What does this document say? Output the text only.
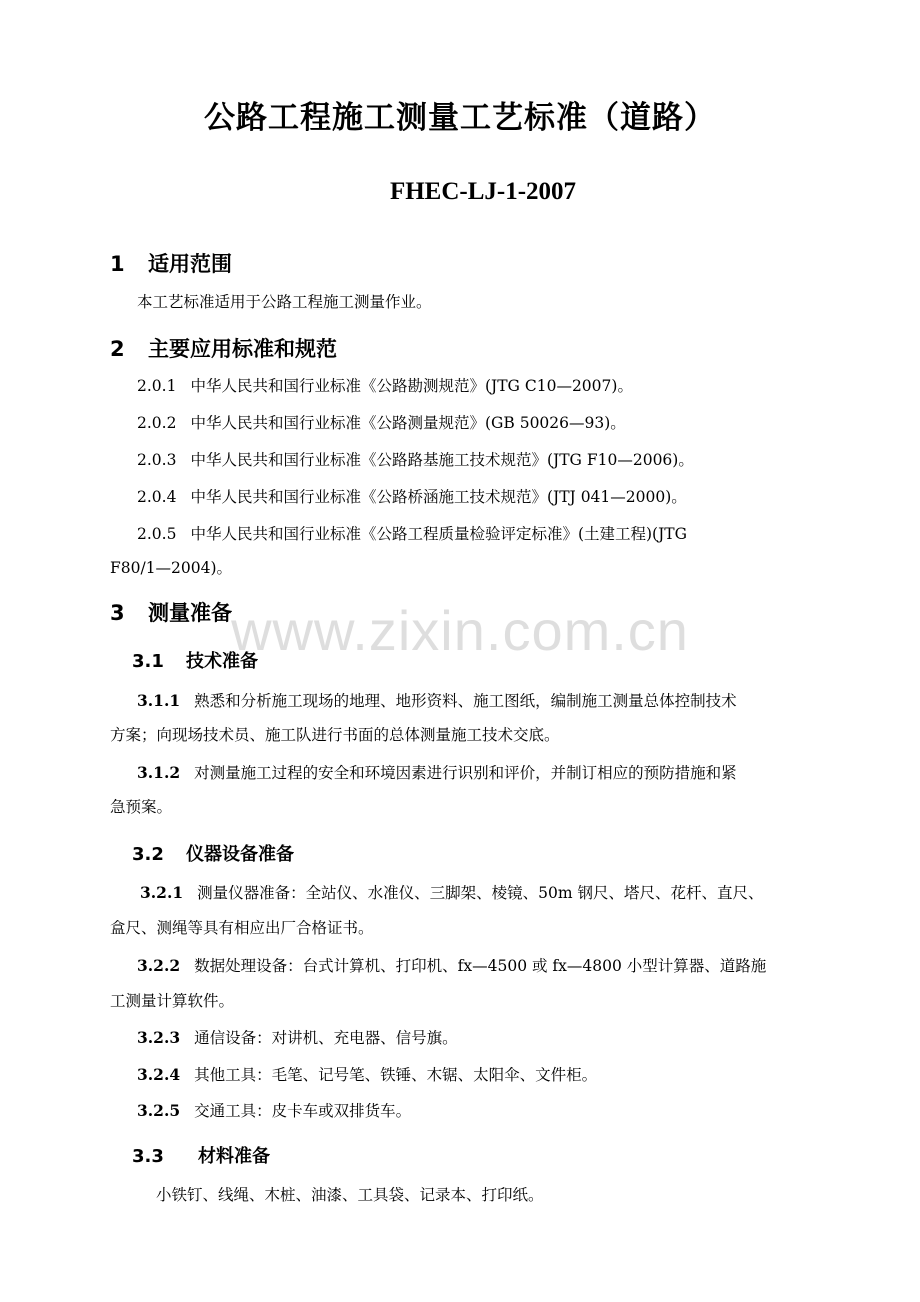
www.zixin.com.cn
公路工程施工测量工艺标准（道路）
FHEC-LJ-1-2007
1 适用范围
本工艺标准适用于公路工程施工测量作业。
2 主要应用标准和规范
2.0.1 中华人民共和国行业标准《公路勘测规范》(JTG C10—2007)。
2.0.2 中华人民共和国行业标准《公路测量规范》(GB 50026—93)。
2.0.3 中华人民共和国行业标准《公路路基施工技术规范》(JTG F10—2006)。
2.0.4 中华人民共和国行业标准《公路桥涵施工技术规范》(JTJ 041—2000)。
2.0.5 中华人民共和国行业标准《公路工程质量检验评定标准》(土建工程)(JTG
F80/1—2004)。
3 测量准备
3.1 技术准备
3.1.1 熟悉和分析施工现场的地理、地形资料、施工图纸，编制施工测量总体控制技术
方案；向现场技术员、施工队进行书面的总体测量施工技术交底。
3.1.2 对测量施工过程的安全和环境因素进行识别和评价，并制订相应的预防措施和紧
急预案。
3.2 仪器设备准备
3.2.1 测量仪器准备：全站仪、水准仪、三脚架、棱镜、50m 钢尺、塔尺、花杆、直尺、
盒尺、测绳等具有相应出厂合格证书。
3.2.2 数据处理设备：台式计算机、打印机、fx—4500 或 fx—4800 小型计算器、道路施
工测量计算软件。
3.2.3 通信设备：对讲机、充电器、信号旗。
3.2.4 其他工具：毛笔、记号笔、铁锤、木锯、太阳伞、文件柜。
3.2.5 交通工具：皮卡车或双排货车。
3.3 材料准备
小铁钉、线绳、木桩、油漆、工具袋、记录本、打印纸。
